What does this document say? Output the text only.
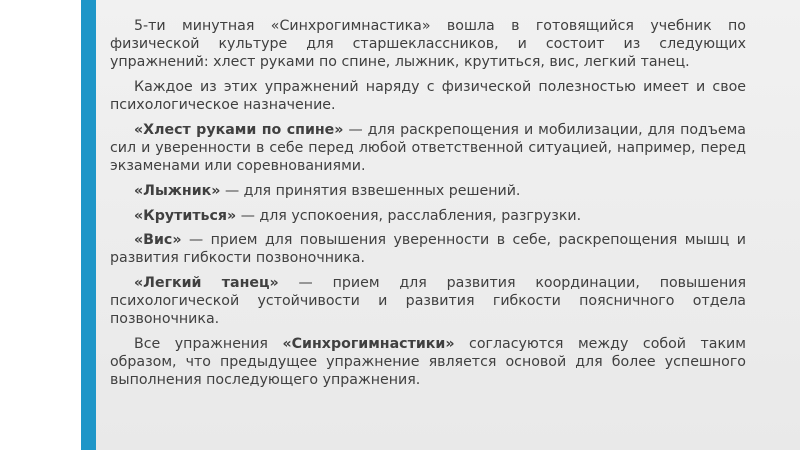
5-ти минутная «Синхрогимнастика» вошла в готовящийся учебник по физической культуре для старшеклассников, и состоит из следующих упражнений: хлест руками по спине, лыжник, крутиться, вис, легкий танец.

Каждое из этих упражнений наряду с физической полезностью имеет и свое психологическое назначение.

«Хлест руками по спине» — для раскрепощения и мобилизации, для подъема сил и уверенности в себе перед любой ответственной ситуацией, например, перед экзаменами или соревнованиями.

«Лыжник» — для принятия взвешенных решений.

«Крутиться» — для успокоения, расслабления, разгрузки.

«Вис» — прием для повышения уверенности в себе, раскрепощения мышц и развития гибкости позвоночника.

«Легкий танец» — прием для развития координации, повышения психологической устойчивости и развития гибкости поясничного отдела позвоночника.

Все упражнения «Синхрогимнастики» согласуются между собой таким образом, что предыдущее упражнение является основой для более успешного выполнения последующего упражнения.
